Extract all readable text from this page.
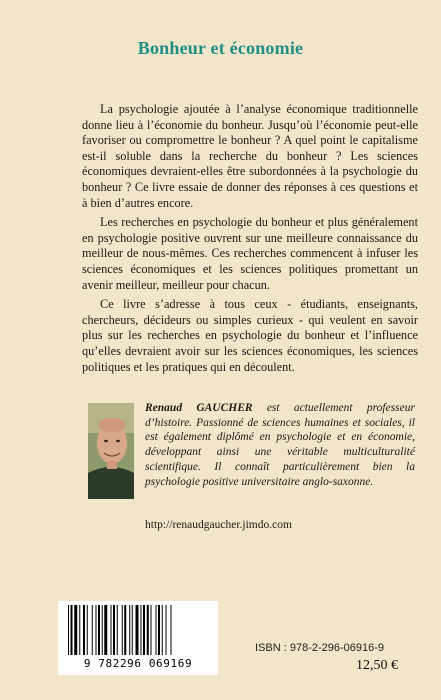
Bonheur et économie

La psychologie ajoutée à l’analyse économique traditionnelle donne lieu à l’économie du bonheur. Jusqu’où l’économie peut-elle favoriser ou compromettre le bonheur ? A quel point le capitalisme est-il soluble dans la recherche du bonheur ? Les sciences économiques devraient-elles être subordonnées à la psychologie du bonheur ? Ce livre essaie de donner des réponses à ces questions et à bien d’autres encore.

Les recherches en psychologie du bonheur et plus généralement en psychologie positive ouvrent sur une meilleure connaissance du meilleur de nous-mêmes. Ces recherches commencent à infuser les sciences économiques et les sciences politiques promettant un avenir meilleur, meilleur pour chacun.

Ce livre s’adresse à tous ceux - étudiants, enseignants, chercheurs, décideurs ou simples curieux - qui veulent en savoir plus sur les recherches en psychologie du bonheur et l’influence qu’elles devraient avoir sur les sciences économiques, les sciences politiques et les pratiques qui en découlent.

Renaud GAUCHER est actuellement professeur d’histoire. Passionné de sciences humaines et sociales, il est également diplômé en psychologie et en économie, développant ainsi une véritable multiculturalité scientifique. Il connaît particulièrement bien la psychologie positive universitaire anglo-saxonne.
http://renaudgaucher.jimdo.com
9 782296 069169
ISBN : 978-2-296-06916-9
12,50 €
